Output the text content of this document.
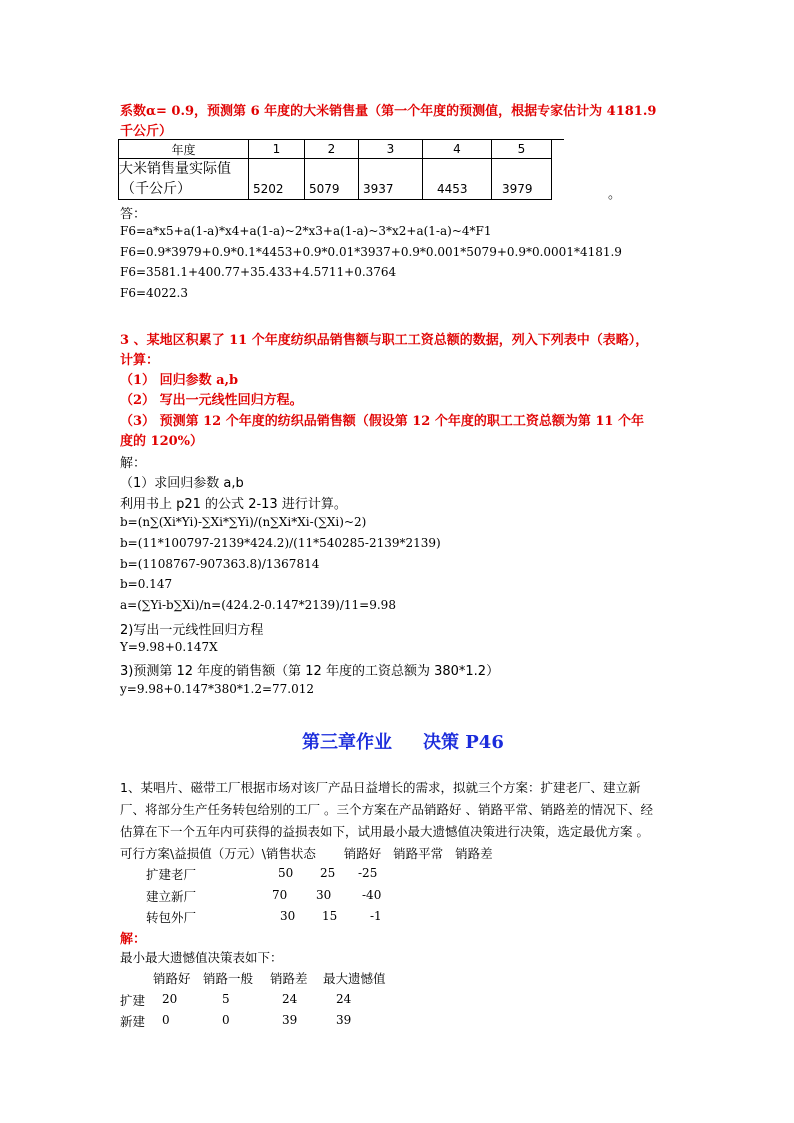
系数α= 0.9，预测第 6 年度的大米销售量（第一个年度的预测值，根据专家估计为 4181.9
千公斤）
年度	1	2	3	4	5

大米销售量实际值
（千公斤）	5202	5079	3937	4453	3979	。
答：
F6=a*x5+a(1-a)*x4+a(1-a)~2*x3+a(1-a)~3*x2+a(1-a)~4*F1
F6=0.9*3979+0.9*0.1*4453+0.9*0.01*3937+0.9*0.001*5079+0.9*0.0001*4181.9
F6=3581.1+400.77+35.433+4.5711+0.3764
F6=4022.3
3 、某地区积累了 11 个年度纺织品销售额与职工工资总额的数据，列入下列表中（表略），
计算：
（1） 回归参数 a,b
（2） 写出一元线性回归方程。
（3） 预测第 12 个年度的纺织品销售额（假设第 12 个年度的职工工资总额为第 11 个年
度的 120%）
解：
（1）求回归参数 a,b
利用书上 p21 的公式 2-13 进行计算。
b=(n∑(Xi*Yi)-∑Xi*∑Yi)/(n∑Xi*Xi-(∑Xi)~2)
b=(11*100797-2139*424.2)/(11*540285-2139*2139)
b=(1108767-907363.8)/1367814
b=0.147
a=(∑Yi-b∑Xi)/n=(424.2-0.147*2139)/11=9.98
2)写出一元线性回归方程
Y=9.98+0.147X
3)预测第 12 年度的销售额（第 12 年度的工资总额为 380*1.2）
y=9.98+0.147*380*1.2=77.012
第三章作业 决策 P46
1、某唱片、磁带工厂根据市场对该厂产品日益增长的需求，拟就三个方案：扩建老厂、建立新
厂、将部分生产任务转包给别的工厂 。三个方案在产品销路好 、销路平常、销路差的情况下、经
估算在下一个五年内可获得的益损表如下，试用最小最大遗憾值决策进行决策，选定最优方案 。
可行方案\益损值（万元）\销售状态       销路好   销路平常   销路差
扩建老厂	50 25 -25
建立新厂	70 30	-40
转包外厂	30 15	-1
解：
最小最大遗憾值决策表如下：
销路好 销路一般 销路差 最大遗憾值
扩建 20	5	24	24
新建 0	0	39	39
